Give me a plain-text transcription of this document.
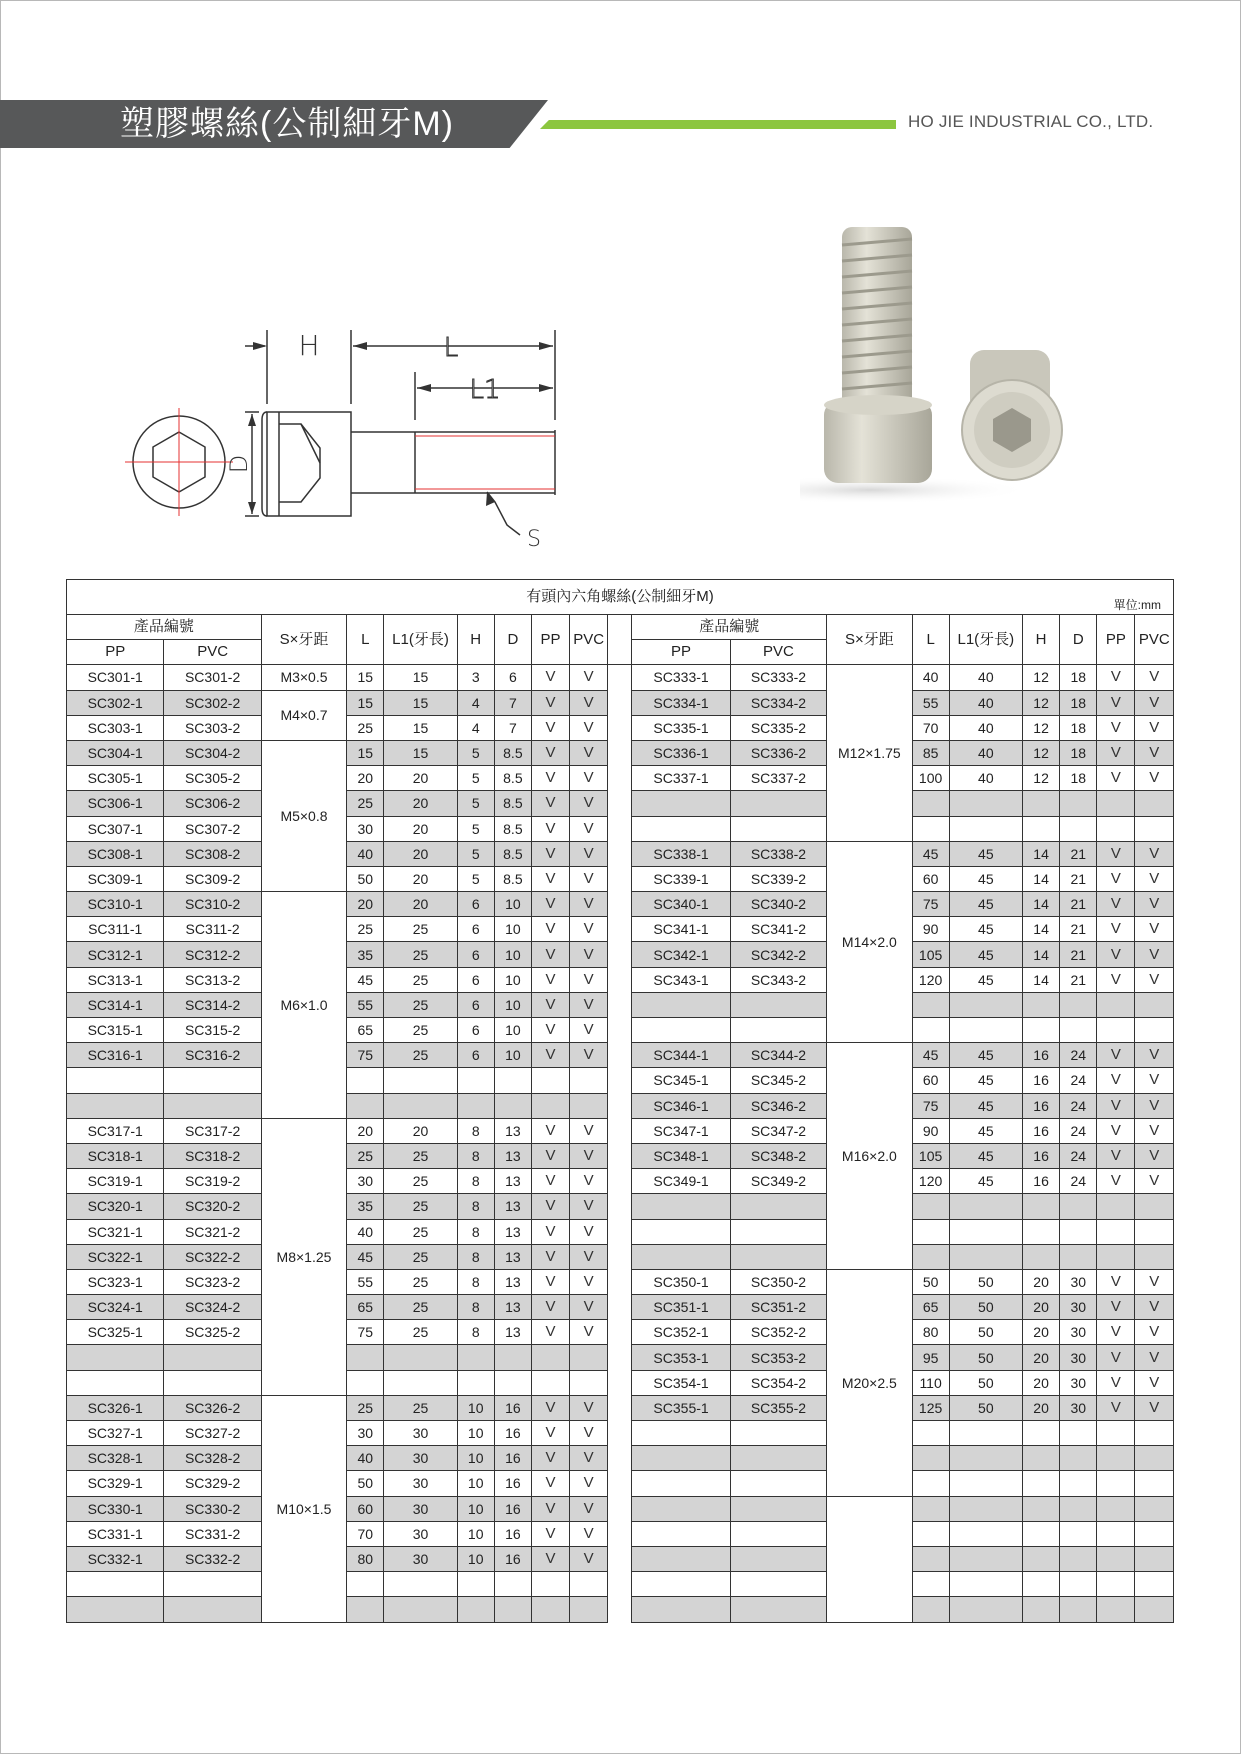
塑膠螺絲(公制細牙M)	HO JIE INDUSTRIAL CO., LTD.
H	L
L1
D
S
有頭內六角螺絲(公制細牙M) 單位:mm																		

產品編號		S×牙距	L	L1(牙長)	H	D	PP	PVC		產品編號		S×牙距	L	L1(牙長)	H	D	PP	PVC
PP	PVC									PP	PVC							
SC301-1	SC301-2	M3×0.5	15	15	3	6	V	V		SC333-1	SC333-2	M12×1.75	40	40	12	18	V	V
SC302-1	SC302-2	M4×0.7	15	15	4	7	V	V		SC334-1	SC334-2		55	40	12	18	V	V
SC303-1	SC303-2		25	15	4	7	V	V		SC335-1	SC335-2		70	40	12	18	V	V
SC304-1	SC304-2	M5×0.8	15	15	5	8.5	V	V		SC336-1	SC336-2		85	40	12	18	V	V
SC305-1	SC305-2		20	20	5	8.5	V	V		SC337-1	SC337-2		100	40	12	18	V	V
SC306-1	SC306-2		25	20	5	8.5	V	V										
SC307-1	SC307-2		30	20	5	8.5	V	V										
SC308-1	SC308-2		40	20	5	8.5	V	V		SC338-1	SC338-2	M14×2.0	45	45	14	21	V	V
SC309-1	SC309-2		50	20	5	8.5	V	V		SC339-1	SC339-2		60	45	14	21	V	V
SC310-1	SC310-2	M6×1.0	20	20	6	10	V	V		SC340-1	SC340-2		75	45	14	21	V	V
SC311-1	SC311-2		25	25	6	10	V	V		SC341-1	SC341-2		90	45	14	21	V	V
SC312-1	SC312-2		35	25	6	10	V	V		SC342-1	SC342-2		105	45	14	21	V	V
SC313-1	SC313-2		45	25	6	10	V	V		SC343-1	SC343-2		120	45	14	21	V	V
SC314-1	SC314-2		55	25	6	10	V	V										
SC315-1	SC315-2		65	25	6	10	V	V										
SC316-1	SC316-2		75	25	6	10	V	V		SC344-1	SC344-2	M16×2.0	45	45	16	24	V	V
										SC345-1	SC345-2		60	45	16	24	V	V
										SC346-1	SC346-2		75	45	16	24	V	V
SC317-1	SC317-2	M8×1.25	20	20	8	13	V	V		SC347-1	SC347-2		90	45	16	24	V	V
SC318-1	SC318-2		25	25	8	13	V	V		SC348-1	SC348-2		105	45	16	24	V	V
SC319-1	SC319-2		30	25	8	13	V	V		SC349-1	SC349-2		120	45	16	24	V	V
SC320-1	SC320-2		35	25	8	13	V	V										
SC321-1	SC321-2		40	25	8	13	V	V										
SC322-1	SC322-2		45	25	8	13	V	V										
SC323-1	SC323-2		55	25	8	13	V	V		SC350-1	SC350-2	M20×2.5	50	50	20	30	V	V
SC324-1	SC324-2		65	25	8	13	V	V		SC351-1	SC351-2		65	50	20	30	V	V
SC325-1	SC325-2		75	25	8	13	V	V		SC352-1	SC352-2		80	50	20	30	V	V
										SC353-1	SC353-2		95	50	20	30	V	V
										SC354-1	SC354-2		110	50	20	30	V	V
SC326-1	SC326-2	M10×1.5	25	25	10	16	V	V		SC355-1	SC355-2		125	50	20	30	V	V
SC327-1	SC327-2		30	30	10	16	V	V										
SC328-1	SC328-2		40	30	10	16	V	V										
SC329-1	SC329-2		50	30	10	16	V	V										
SC330-1	SC330-2		60	30	10	16	V	V										
SC331-1	SC331-2		70	30	10	16	V	V										
SC332-1	SC332-2		80	30	10	16	V	V										
